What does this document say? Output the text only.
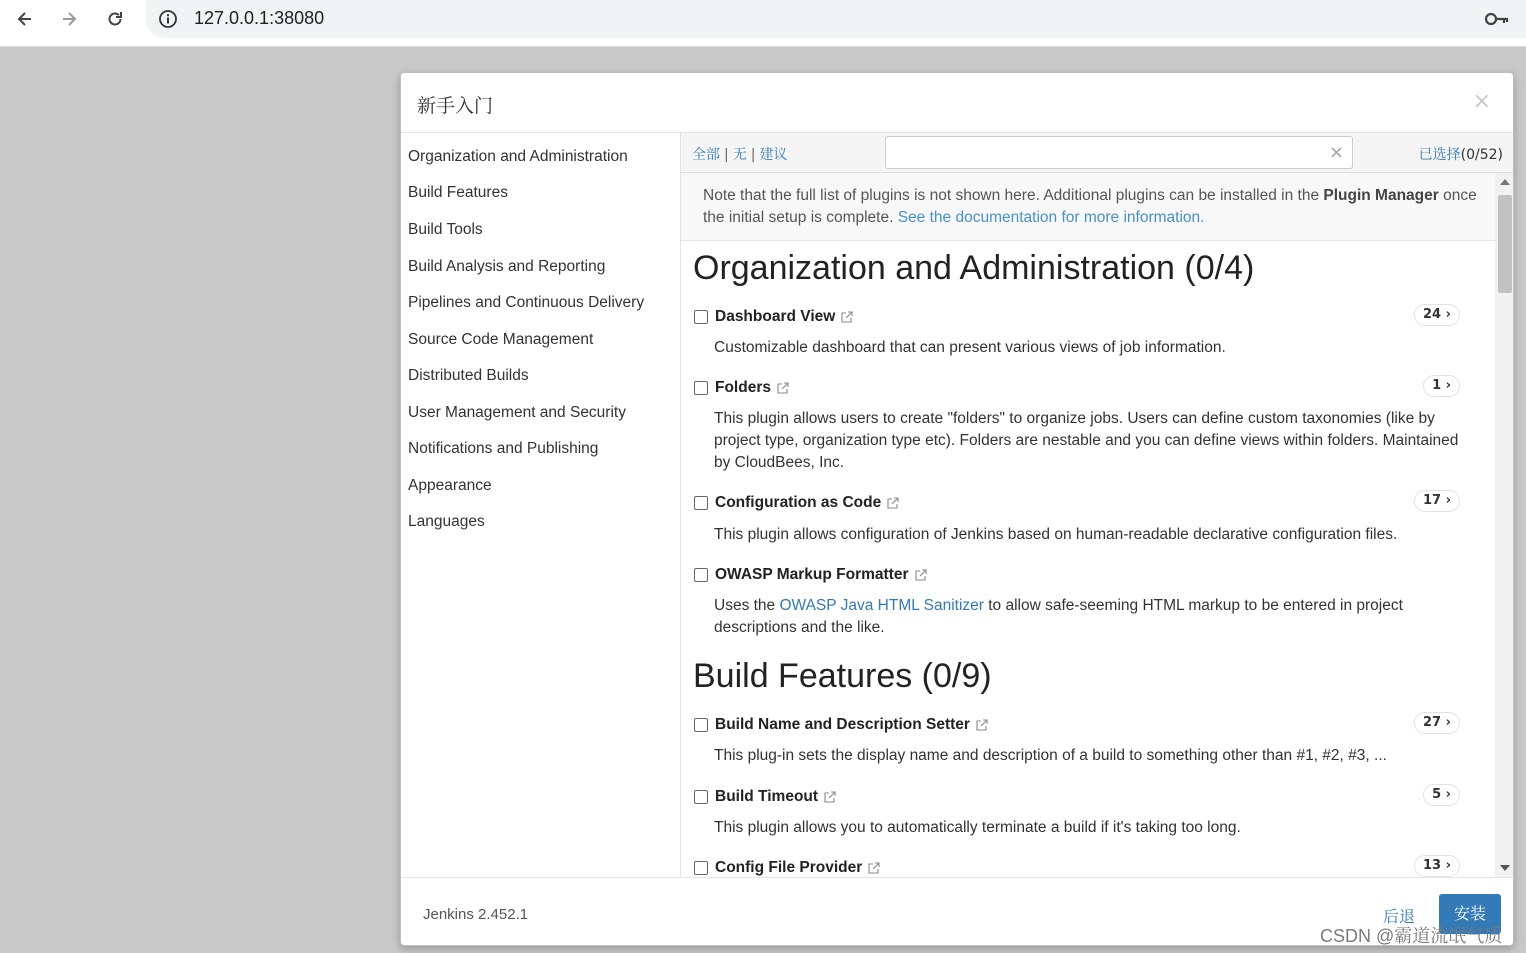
127.0.0.1:38080
新手入门	×
Organization and Administration
Build Features
Build Tools
Build Analysis and Reporting
Pipelines and Continuous Delivery
Source Code Management
Distributed Builds
User Management and Security
Notifications and Publishing
Appearance
Languages
全部 | 无 | 建议	×	已选择(0/52)
Note that the full list of plugins is not shown here. Additional plugins can be installed in the Plugin Manager once the initial setup is complete. See the documentation for more information.
Organization and Administration (0/4)
Dashboard View	24 ›
Customizable dashboard that can present various views of job information.
Folders	1 ›
This plugin allows users to create "folders" to organize jobs. Users can define custom taxonomies (like by project type, organization type etc). Folders are nestable and you can define views within folders. Maintained by CloudBees, Inc.
Configuration as Code	17 ›
This plugin allows configuration of Jenkins based on human-readable declarative configuration files.
OWASP Markup Formatter
Uses the OWASP Java HTML Sanitizer to allow safe-seeming HTML markup to be entered in project descriptions and the like.
Build Features (0/9)
Build Name and Description Setter	27 ›
This plug-in sets the display name and description of a build to something other than #1, #2, #3, ...
Build Timeout	5 ›
This plugin allows you to automatically terminate a build if it's taking too long.
Config File Provider	13 ›
Jenkins 2.452.1	后退	安装
CSDN @霸道流氓气质
